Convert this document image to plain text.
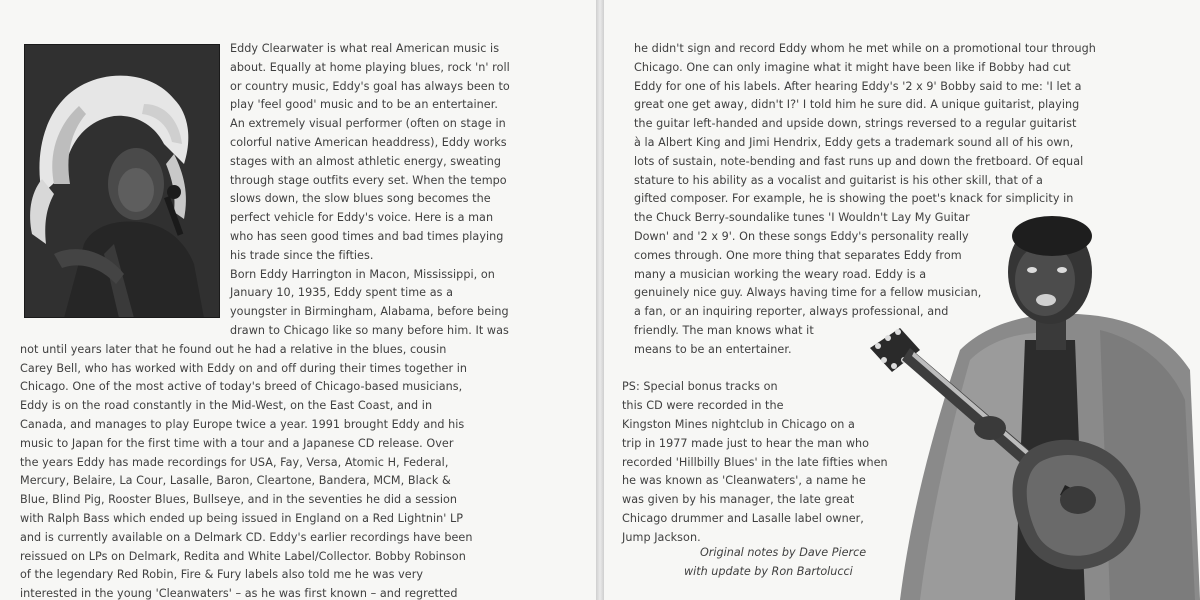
Eddy Clearwater is what real American music is
about. Equally at home playing blues, rock 'n' roll
or country music, Eddy's goal has always been to
play 'feel good' music and to be an entertainer.
An extremely visual performer (often on stage in
colorful native American headdress), Eddy works
stages with an almost athletic energy, sweating
through stage outfits every set. When the tempo
slows down, the slow blues song becomes the
perfect vehicle for Eddy's voice. Here is a man
who has seen good times and bad times playing
his trade since the fifties.
Born Eddy Harrington in Macon, Mississippi, on
January 10, 1935, Eddy spent time as a
youngster in Birmingham, Alabama, before being
drawn to Chicago like so many before him. It was
not until years later that he found out he had a relative in the blues, cousin
Carey Bell, who has worked with Eddy on and off during their times together in
Chicago. One of the most active of today's breed of Chicago-based musicians,
Eddy is on the road constantly in the Mid-West, on the East Coast, and in
Canada, and manages to play Europe twice a year. 1991 brought Eddy and his
music to Japan for the first time with a tour and a Japanese CD release. Over
the years Eddy has made recordings for USA, Fay, Versa, Atomic H, Federal,
Mercury, Belaire, La Cour, Lasalle, Baron, Cleartone, Bandera, MCM, Black &
Blue, Blind Pig, Rooster Blues, Bullseye, and in the seventies he did a session
with Ralph Bass which ended up being issued in England on a Red Lightnin' LP
and is currently available on a Delmark CD. Eddy's earlier recordings have been
reissued on LPs on Delmark, Redita and White Label/Collector. Bobby Robinson
of the legendary Red Robin, Fire & Fury labels also told me he was very
interested in the young 'Cleanwaters' – as he was first known – and regretted
he didn't sign and record Eddy whom he met while on a promotional tour through
Chicago. One can only imagine what it might have been like if Bobby had cut
Eddy for one of his labels. After hearing Eddy's '2 x 9' Bobby said to me: 'I let a
great one get away, didn't I?' I told him he sure did. A unique guitarist, playing
the guitar left-handed and upside down, strings reversed to a regular guitarist
à la Albert King and Jimi Hendrix, Eddy gets a trademark sound all of his own,
lots of sustain, note-bending and fast runs up and down the fretboard. Of equal
stature to his ability as a vocalist and guitarist is his other skill, that of a
gifted composer. For example, he is showing the poet's knack for simplicity in
the Chuck Berry-soundalike tunes 'I Wouldn't Lay My Guitar
Down' and '2 x 9'. On these songs Eddy's personality really
comes through. One more thing that separates Eddy from
many a musician working the weary road. Eddy is a
genuinely nice guy. Always having time for a fellow musician,
a fan, or an inquiring reporter, always professional, and
friendly. The man knows what it
means to be an entertainer.
PS: Special bonus tracks on
this CD were recorded in the
Kingston Mines nightclub in Chicago on a
trip in 1977 made just to hear the man who
recorded 'Hillbilly Blues' in the late fifties when
he was known as 'Cleanwaters', a name he
was given by his manager, the late great
Chicago drummer and Lasalle label owner,
Jump Jackson.
Original notes by Dave Pierce
with update by Ron Bartolucci
